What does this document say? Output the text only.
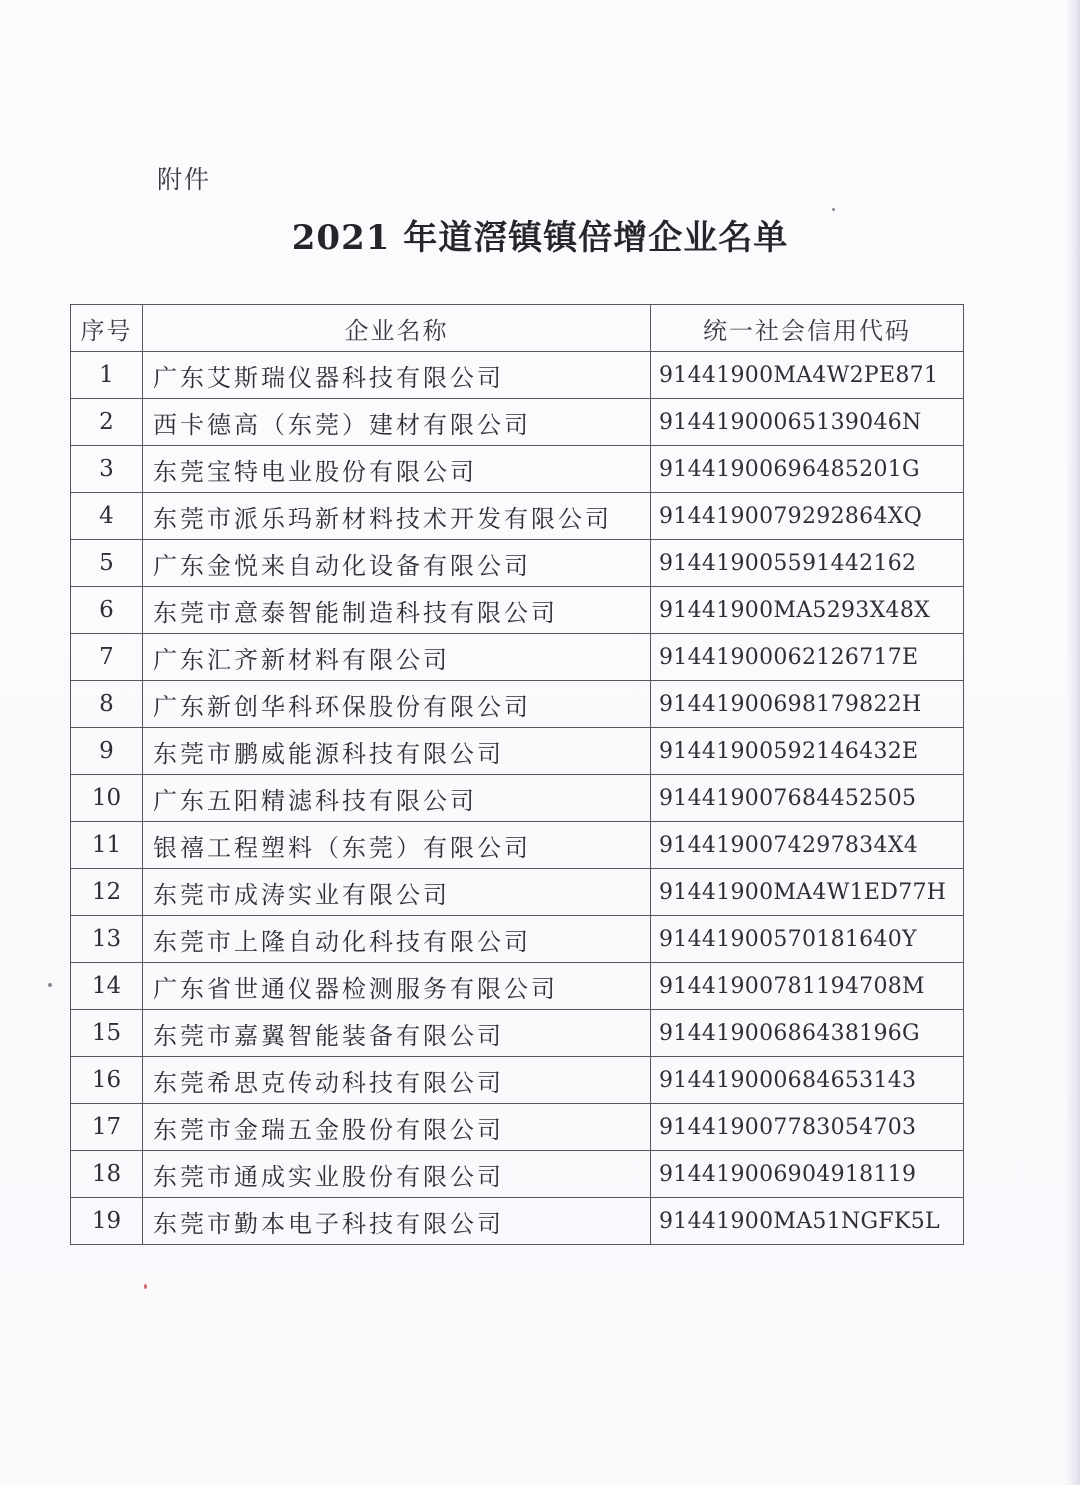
附件
2021 年道滘镇镇倍增企业名单
序号	企业名称	统一社会信用代码
1	广东艾斯瑞仪器科技有限公司	91441900MA4W2PE871
2	西卡德高（东莞）建材有限公司	91441900065139046N
3	东莞宝特电业股份有限公司	91441900696485201G
4	东莞市派乐玛新材料技术开发有限公司	9144190079292864XQ
5	广东金悦来自动化设备有限公司	914419005591442162
6	东莞市意泰智能制造科技有限公司	91441900MA5293X48X
7	广东汇齐新材料有限公司	91441900062126717E
8	广东新创华科环保股份有限公司	91441900698179822H
9	东莞市鹏威能源科技有限公司	91441900592146432E
10	广东五阳精滤科技有限公司	914419007684452505
11	银禧工程塑料（东莞）有限公司	9144190074297834X4
12	东莞市成涛实业有限公司	91441900MA4W1ED77H
13	东莞市上隆自动化科技有限公司	91441900570181640Y
14	广东省世通仪器检测服务有限公司	91441900781194708M
15	东莞市嘉翼智能装备有限公司	91441900686438196G
16	东莞希思克传动科技有限公司	914419000684653143
17	东莞市金瑞五金股份有限公司	914419007783054703
18	东莞市通成实业股份有限公司	914419006904918119
19	东莞市勤本电子科技有限公司	91441900MA51NGFK5L
